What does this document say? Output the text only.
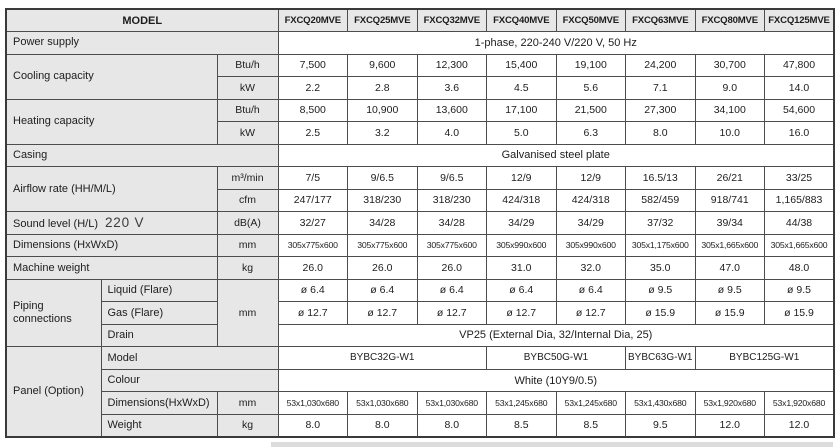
MODEL			FXCQ20MVE	FXCQ25MVE	FXCQ32MVE	FXCQ40MVE	FXCQ50MVE	FXCQ63MVE	FXCQ80MVE	FXCQ125MVE
Power supply			1-phase, 220-240 V/220 V, 50 Hz							
Cooling capacity		Btu/h	7,500	9,600	12,300	15,400	19,100	24,200	30,700	47,800
		kW	2.2	2.8	3.6	4.5	5.6	7.1	9.0	14.0
Heating capacity		Btu/h	8,500	10,900	13,600	17,100	21,500	27,300	34,100	54,600
		kW	2.5	3.2	4.0	5.0	6.3	8.0	10.0	16.0
Casing			Galvanised steel plate							
Airflow rate (HH/M/L)		m³/min	7/5	9/6.5	9/6.5	12/9	12/9	16.5/13	26/21	33/25
		cfm	247/177	318/230	318/230	424/318	424/318	582/459	918/741	1,165/883
Sound level (H/L) 220 V		dB(A)	32/27	34/28	34/28	34/29	34/29	37/32	39/34	44/38
Dimensions (HxWxD)		mm	305x775x600	305x775x600	305x775x600	305x990x600	305x990x600	305x1,175x600	305x1,665x600	305x1,665x600
Machine weight		kg	26.0	26.0	26.0	31.0	32.0	35.0	47.0	48.0
Piping connections	Liquid (Flare)	mm	ø 6.4	ø 6.4	ø 6.4	ø 6.4	ø 6.4	ø 9.5	ø 9.5	ø 9.5
	Gas (Flare)		ø 12.7	ø 12.7	ø 12.7	ø 12.7	ø 12.7	ø 15.9	ø 15.9	ø 15.9
	Drain		VP25 (External Dia, 32/Internal Dia, 25)							
Panel (Option)	Model		BYBC32G-W1			BYBC50G-W1		BYBC63G-W1	BYBC125G-W1	
	Colour		White (10Y9/0.5)							
	Dimensions(HxWxD)	mm	53x1,030x680	53x1,030x680	53x1,030x680	53x1,245x680	53x1,245x680	53x1,430x680	53x1,920x680	53x1,920x680
	Weight	kg	8.0	8.0	8.0	8.5	8.5	9.5	12.0	12.0
